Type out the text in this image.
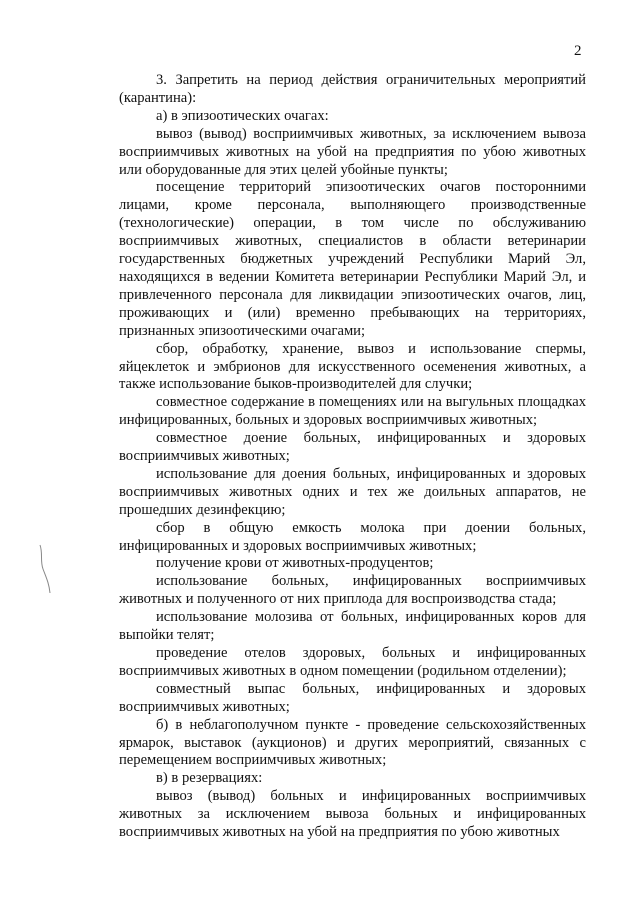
2

3. Запретить на период действия ограничительных мероприятий (карантина):

а) в эпизоотических очагах:

вывоз (вывод) восприимчивых животных, за исключением вывоза восприимчивых животных на убой на предприятия по убою животных или оборудованные для этих целей убойные пункты;

посещение территорий эпизоотических очагов посторонними лицами, кроме персонала, выполняющего производственные (технологические) операции, в том числе по обслуживанию восприимчивых животных, специалистов в области ветеринарии государственных бюджетных учреждений Республики Марий Эл, находящихся в ведении Комитета ветеринарии Республики Марий Эл, и привлеченного персонала для ликвидации эпизоотических очагов, лиц, проживающих и (или) временно пребывающих на территориях, признанных эпизоотическими очагами;

сбор, обработку, хранение, вывоз и использование спермы, яйцеклеток и эмбрионов для искусственного осеменения животных, а также использование быков-производителей для случки;

совместное содержание в помещениях или на выгульных площадках инфицированных, больных и здоровых восприимчивых животных;

совместное доение больных, инфицированных и здоровых восприимчивых животных;

использование для доения больных, инфицированных и здоровых восприимчивых животных одних и тех же доильных аппаратов, не прошедших дезинфекцию;

сбор в общую емкость молока при доении больных, инфицированных и здоровых восприимчивых животных;

получение крови от животных-продуцентов;

использование больных, инфицированных восприимчивых животных и полученного от них приплода для воспроизводства стада;

использование молозива от больных, инфицированных коров для выпойки телят;

проведение отелов здоровых, больных и инфицированных восприимчивых животных в одном помещении (родильном отделении);

совместный выпас больных, инфицированных и здоровых восприимчивых животных;

б) в неблагополучном пункте - проведение сельскохозяйственных ярмарок, выставок (аукционов) и других мероприятий, связанных с перемещением восприимчивых животных;

в) в резервациях:

вывоз (вывод) больных и инфицированных восприимчивых животных за исключением вывоза больных и инфицированных восприимчивых животных на убой на предприятия по убою животных
